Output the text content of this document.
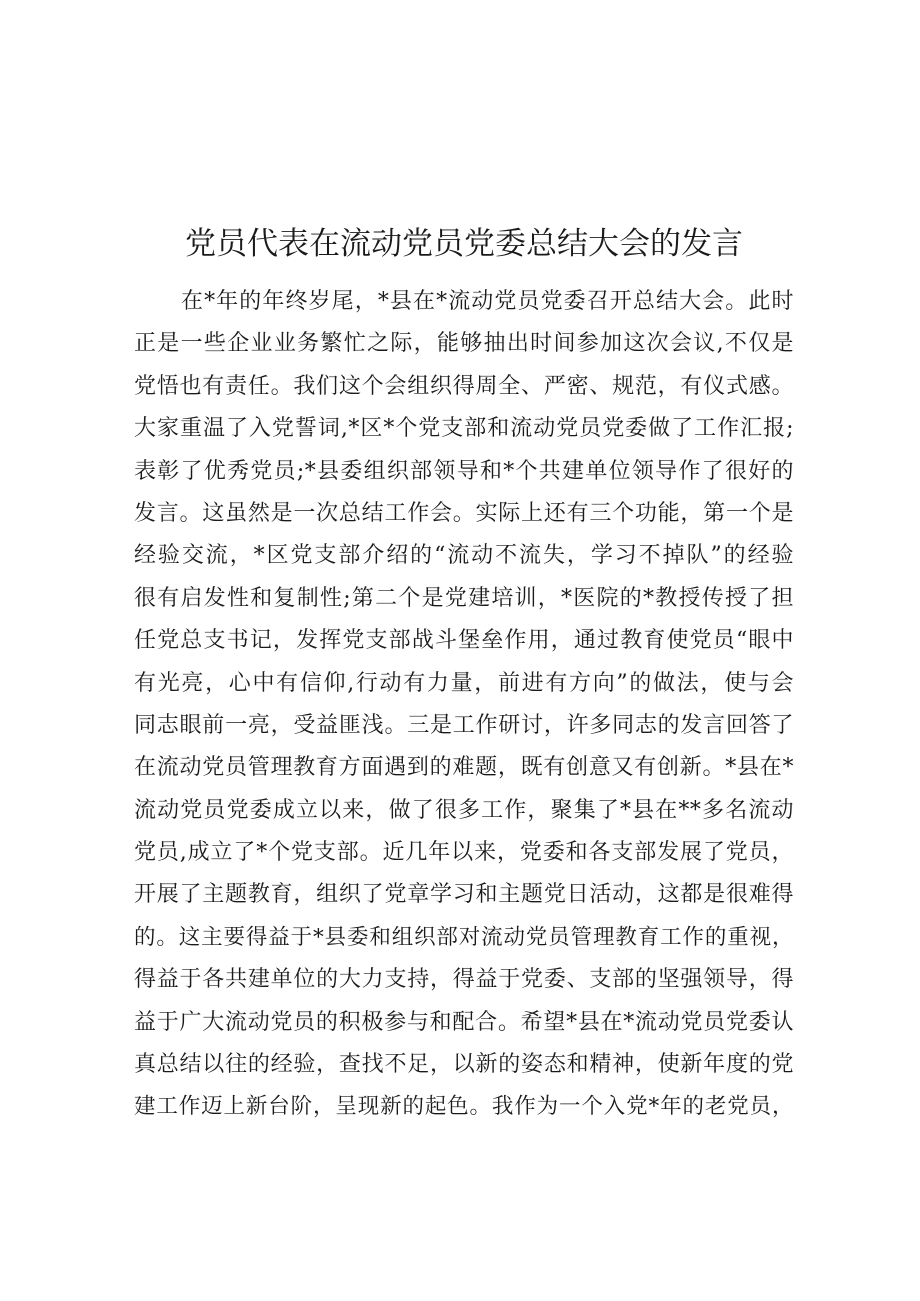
党员代表在流动党员党委总结大会的发言
在*年的年终岁尾，*县在*流动党员党委召开总结大会。此时
正是一些企业业务繁忙之际，能够抽出时间参加这次会议,不仅是
党悟也有责任。我们这个会组织得周全、严密、规范，有仪式感。
大家重温了入党誓词,*区*个党支部和流动党员党委做了工作汇报;
表彰了优秀党员;*县委组织部领导和*个共建单位领导作了很好的
发言。这虽然是一次总结工作会。实际上还有三个功能，第一个是
经验交流，*区党支部介绍的“流动不流失，学习不掉队”的经验
很有启发性和复制性;第二个是党建培训，*医院的*教授传授了担
任党总支书记，发挥党支部战斗堡垒作用，通过教育使党员“眼中
有光亮，心中有信仰,行动有力量，前进有方向”的做法，使与会
同志眼前一亮，受益匪浅。三是工作研讨，许多同志的发言回答了
在流动党员管理教育方面遇到的难题，既有创意又有创新。*县在*
流动党员党委成立以来，做了很多工作，聚集了*县在**多名流动
党员,成立了*个党支部。近几年以来，党委和各支部发展了党员，
开展了主题教育，组织了党章学习和主题党日活动，这都是很难得
的。这主要得益于*县委和组织部对流动党员管理教育工作的重视，
得益于各共建单位的大力支持，得益于党委、支部的坚强领导，得
益于广大流动党员的积极参与和配合。希望*县在*流动党员党委认
真总结以往的经验，查找不足，以新的姿态和精神，使新年度的党
建工作迈上新台阶，呈现新的起色。我作为一个入党*年的老党员，
